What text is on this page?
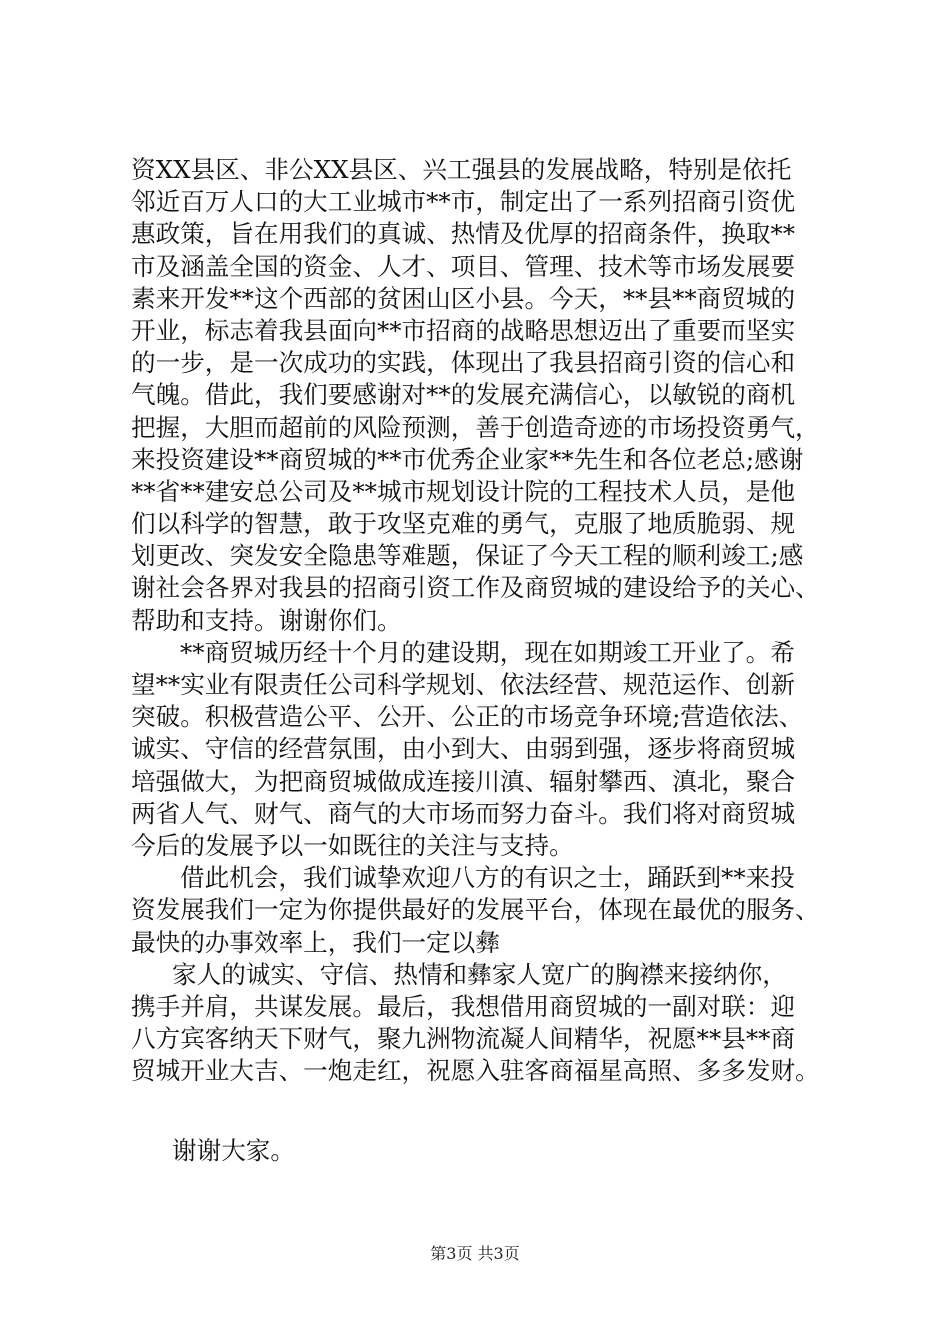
资XX县区、非公XX县区、兴工强县的发展战略，特别是依托
邻近百万人口的大工业城市**市，制定出了一系列招商引资优
惠政策，旨在用我们的真诚、热情及优厚的招商条件，换取**
市及涵盖全国的资金、人才、项目、管理、技术等市场发展要
素来开发**这个西部的贫困山区小县。今天，**县**商贸城的
开业，标志着我县面向**市招商的战略思想迈出了重要而坚实
的一步，是一次成功的实践，体现出了我县招商引资的信心和
气魄。借此，我们要感谢对**的发展充满信心，以敏锐的商机
把握，大胆而超前的风险预测，善于创造奇迹的市场投资勇气，
来投资建设**商贸城的**市优秀企业家**先生和各位老总;感谢
**省**建安总公司及**城市规划设计院的工程技术人员，是他
们以科学的智慧，敢于攻坚克难的勇气，克服了地质脆弱、规
划更改、突发安全隐患等难题，保证了今天工程的顺利竣工;感
谢社会各界对我县的招商引资工作及商贸城的建设给予的关心、
帮助和支持。谢谢你们。
**商贸城历经十个月的建设期，现在如期竣工开业了。希
望**实业有限责任公司科学规划、依法经营、规范运作、创新
突破。积极营造公平、公开、公正的市场竞争环境;营造依法、
诚实、守信的经营氛围，由小到大、由弱到强，逐步将商贸城
培强做大，为把商贸城做成连接川滇、辐射攀西、滇北，聚合
两省人气、财气、商气的大市场而努力奋斗。我们将对商贸城
今后的发展予以一如既往的关注与支持。
借此机会，我们诚挚欢迎八方的有识之士，踊跃到**来投
资发展我们一定为你提供最好的发展平台，体现在最优的服务、
最快的办事效率上，我们一定以彝
家人的诚实、守信、热情和彝家人宽广的胸襟来接纳你，
携手并肩，共谋发展。最后，我想借用商贸城的一副对联：迎
八方宾客纳天下财气，聚九洲物流凝人间精华，祝愿**县**商
贸城开业大吉、一炮走红，祝愿入驻客商福星高照、多多发财。
谢谢大家。
第3页 共3页
